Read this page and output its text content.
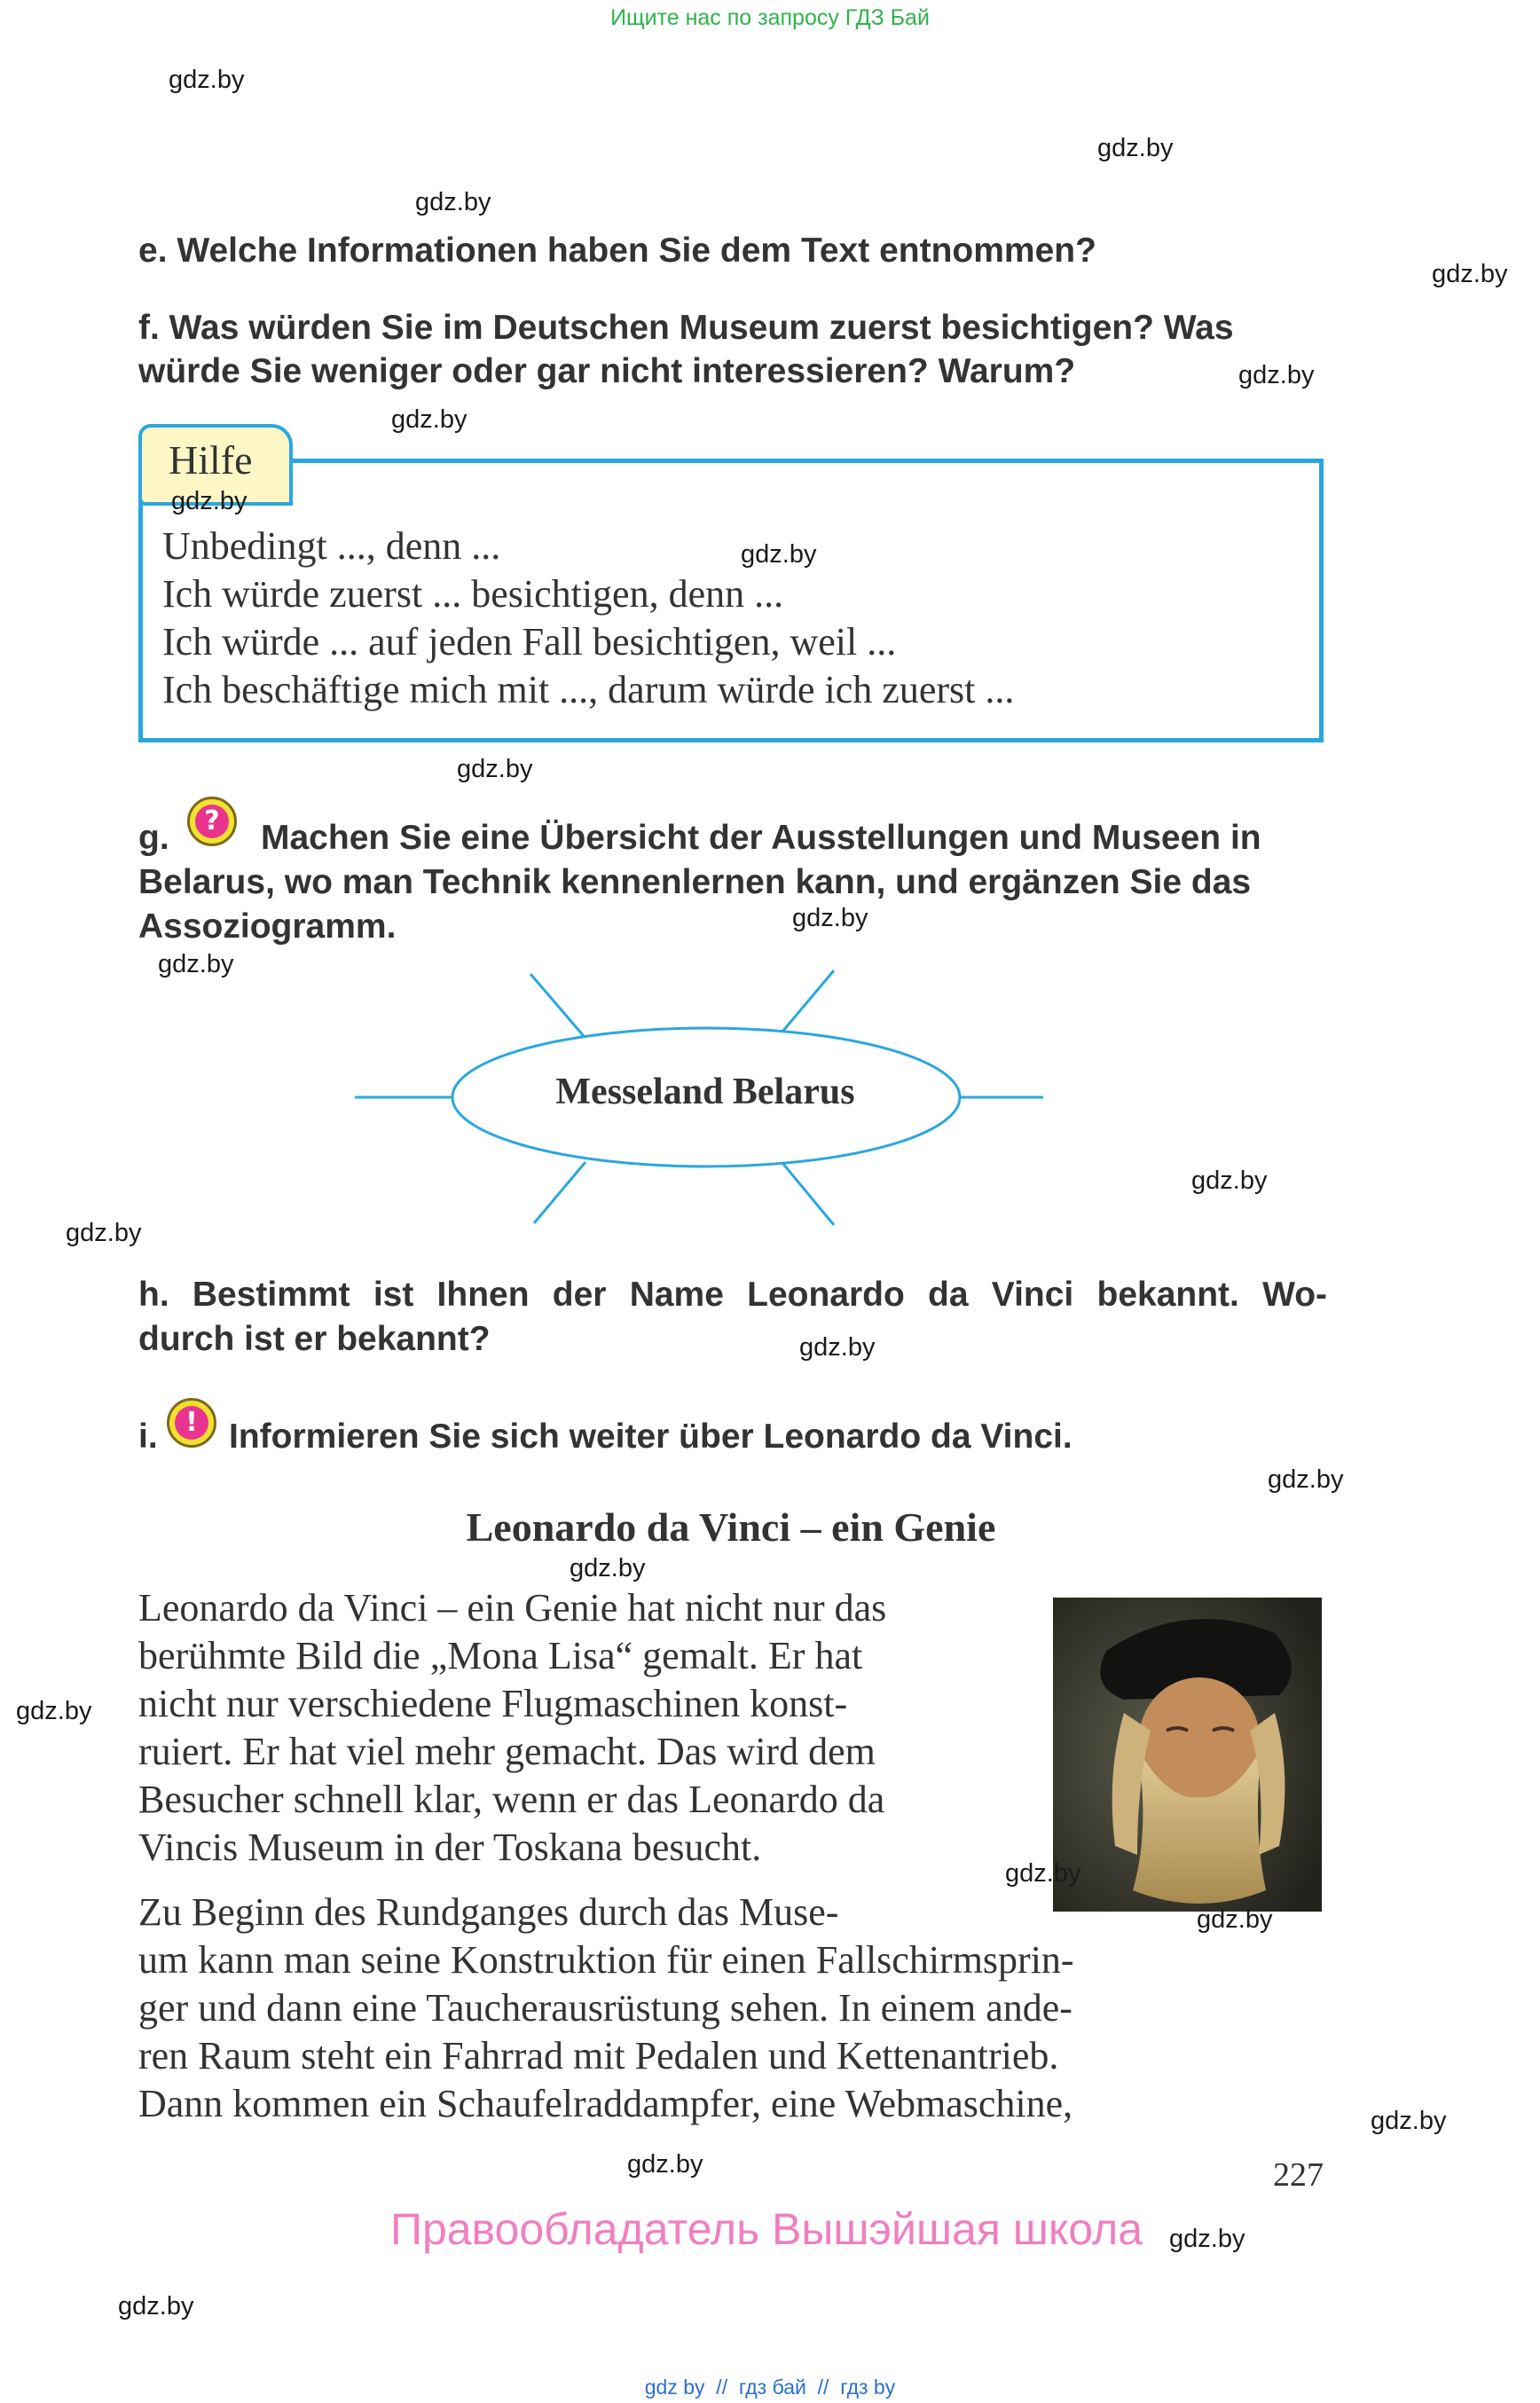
Ищите нас по запросу ГДЗ Бай
gdz.by
gdz.by
gdz.by
gdz.by
gdz.by
gdz.by
e. Welche Informationen haben Sie dem Text entnommen?
f. Was würden Sie im Deutschen Museum zuerst besichtigen? Was
würde Sie weniger oder gar nicht interessieren? Warum?
Hilfe
gdz.by
gdz.by
Unbedingt ..., denn ...
Ich würde zuerst ... besichtigen, denn ...
Ich würde ... auf jeden Fall besichtigen, weil ...
Ich beschäftige mich mit ..., darum würde ich zuerst ...
gdz.by
g.	? Machen Sie eine Übersicht der Ausstellungen und Museen in
Belarus, wo man Technik kennenlernen kann, und ergänzen Sie das
Assoziogramm.	gdz.by
gdz.by
Messeland Belarus
gdz.by
gdz.by
h. Bestimmt ist Ihnen der Name Leonardo da Vinci bekannt. Wo-
durch ist er bekannt?	gdz.by
i.	! Informieren Sie sich weiter über Leonardo da Vinci.
gdz.by
Leonardo da Vinci – ein Genie
gdz.by
Leonardo da Vinci – ein Genie hat nicht nur das
berühmte Bild die „Mona Lisa“ gemalt. Er hat
nicht nur verschiedene Flugmaschinen konst-
ruiert. Er hat viel mehr gemacht. Das wird dem
Besucher schnell klar, wenn er das Leonardo da
Vincis Museum in der Toskana besucht.
gdz.by
gdz.by
gdz.by
Zu Beginn des Rundganges durch das Muse-
um kann man seine Konstruktion für einen Fallschirmsprin-
ger und dann eine Taucherausrüstung sehen. In einem ande-
ren Raum steht ein Fahrrad mit Pedalen und Kettenantrieb.
Dann kommen ein Schaufelraddampfer, eine Webmaschine,	gdz.by
gdz.by	227
Правообладатель Вышэйшая школа gdz.by
gdz.by
gdz by  //  гдз бай  //  гдз by
